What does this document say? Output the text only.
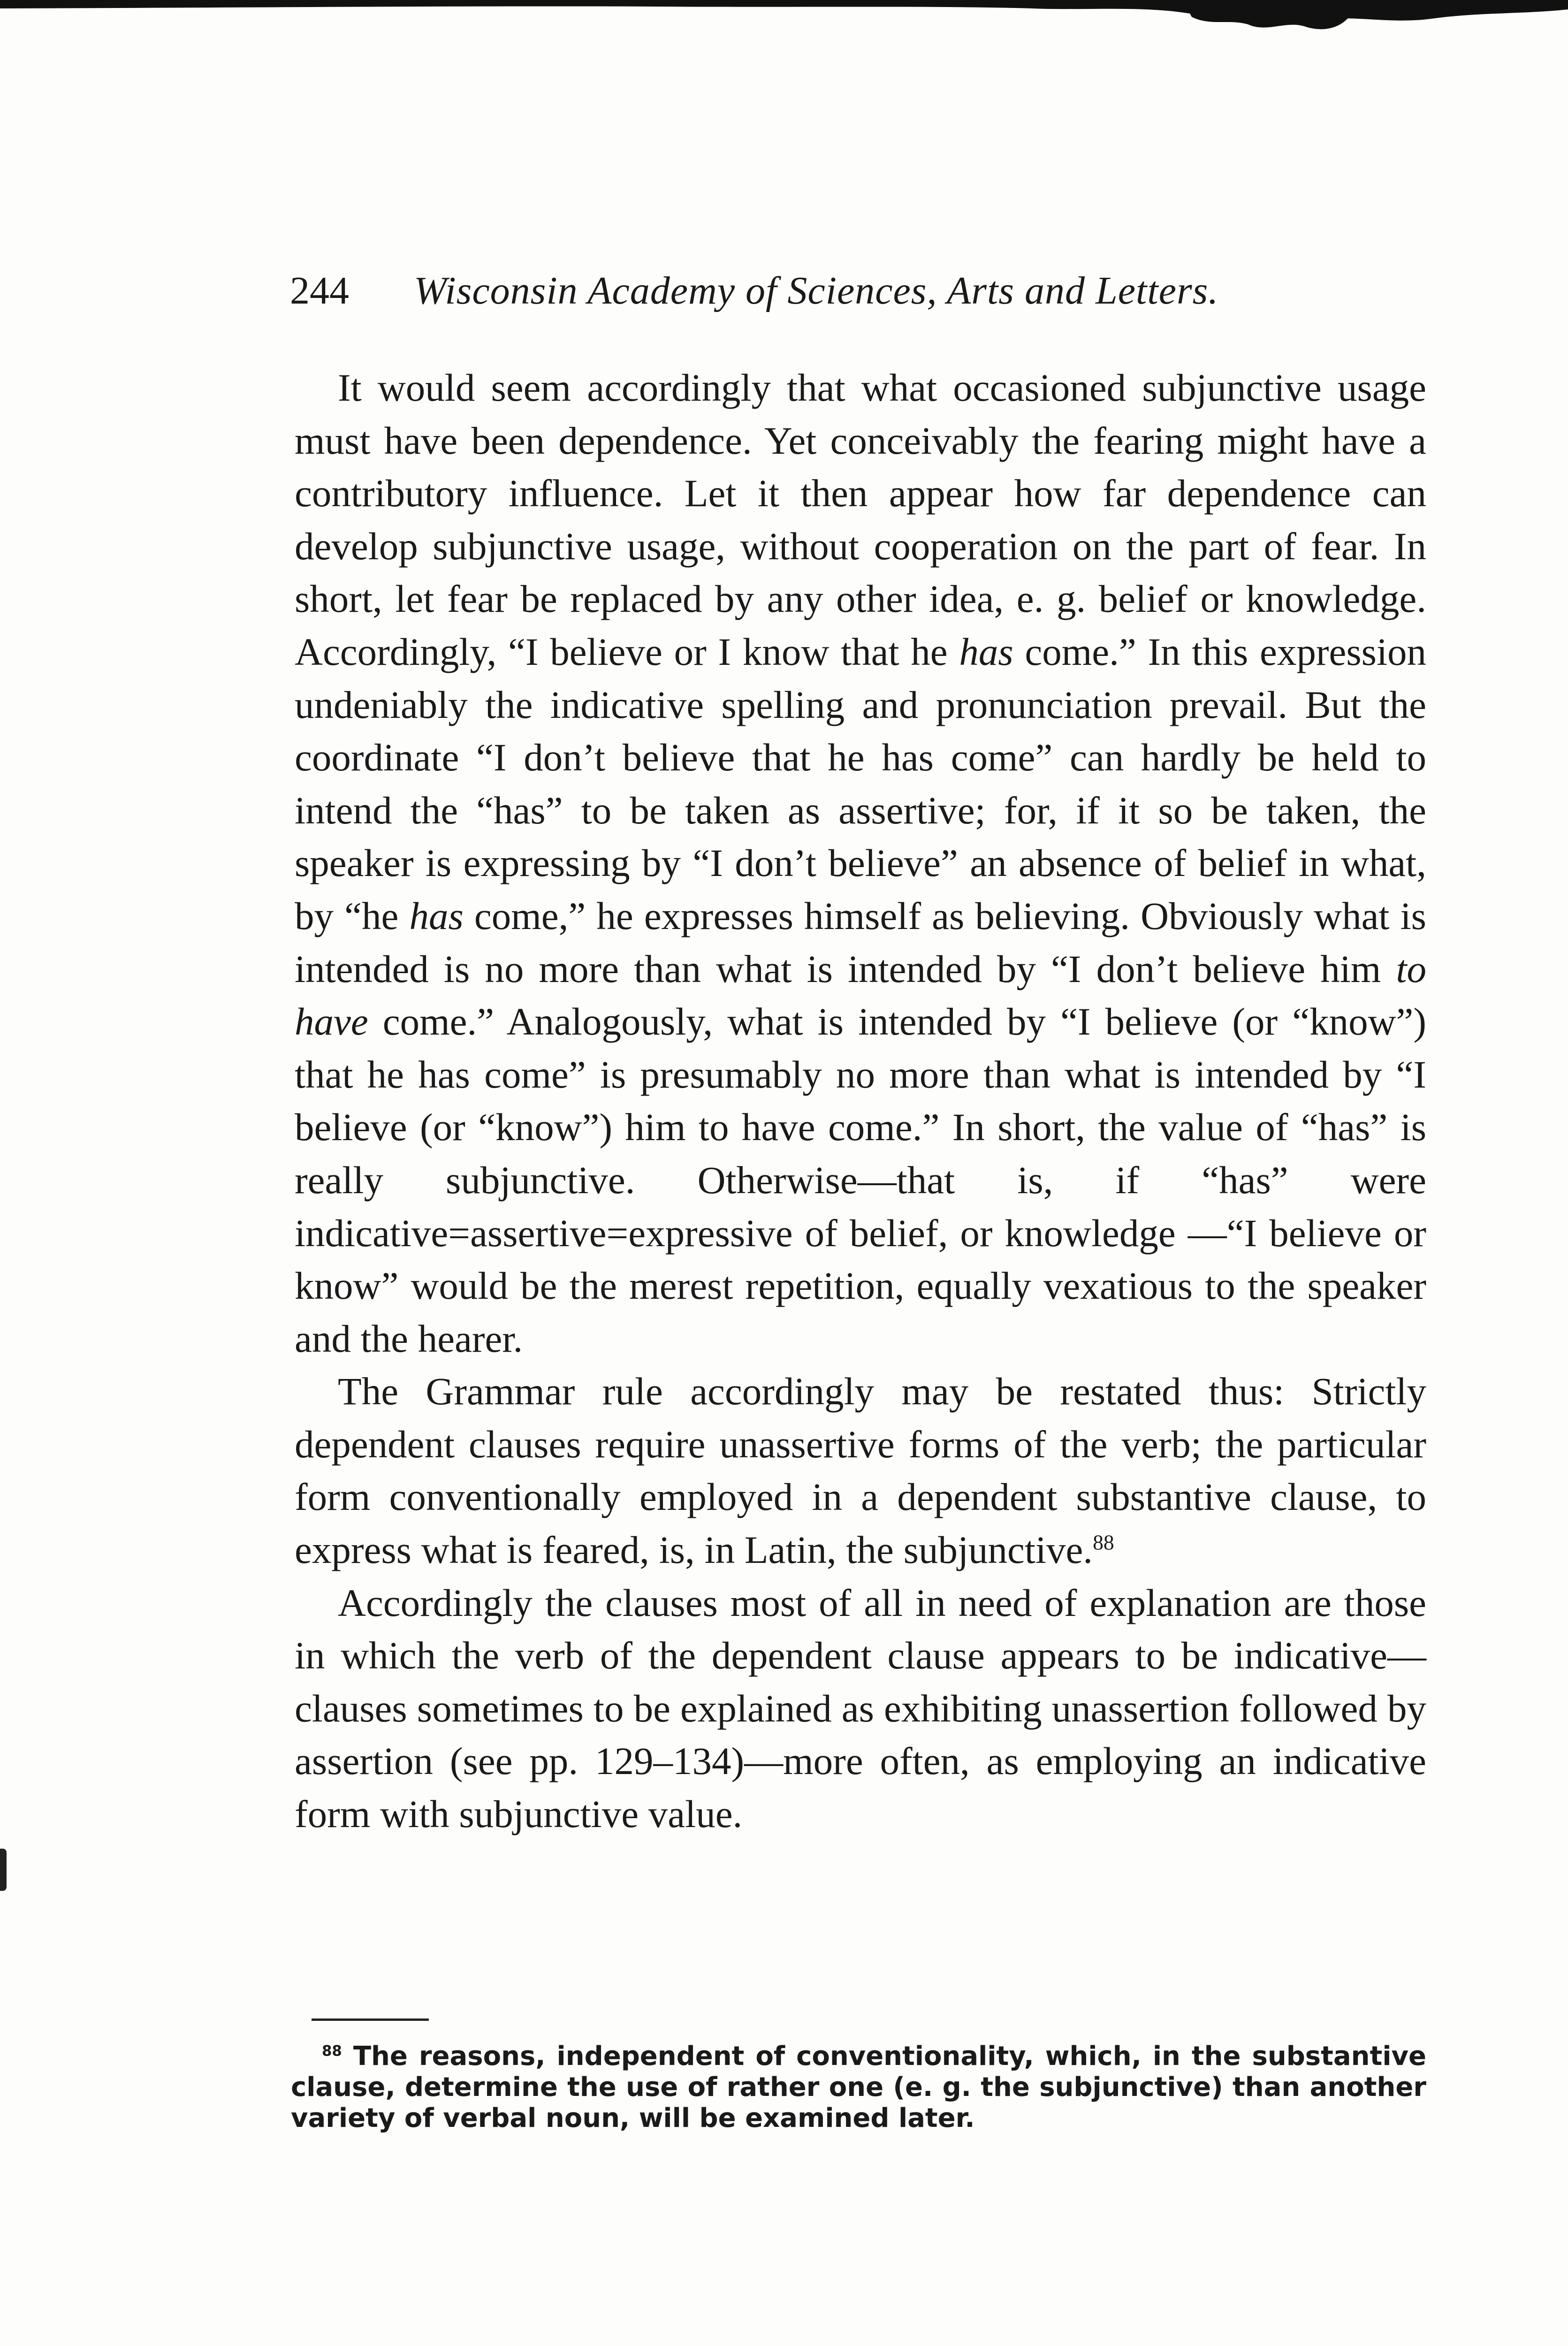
244 Wisconsin Academy of Sciences, Arts and Letters.

It would seem accordingly that what occasioned subjunctive usage must have been dependence. Yet conceivably the fearing might have a contributory influence. Let it then appear how far dependence can develop subjunctive usage, without cooperation on the part of fear. In short, let fear be replaced by any other idea, e. g. belief or knowledge. Accordingly, “I believe or I know that he has come.” In this expression undeniably the indicative spelling and pronunciation prevail. But the coordinate “I don’t believe that he has come” can hardly be held to intend the “has” to be taken as assertive; for, if it so be taken, the speaker is expressing by “I don’t believe” an absence of belief in what, by “he has come,” he expresses himself as believing. Obviously what is intended is no more than what is intended by “I don’t believe him to have come.” Analogously, what is intended by “I believe (or “know”) that he has come” is presumably no more than what is intended by “I believe (or “know”) him to have come.” In short, the value of “has” is really subjunctive. Otherwise—that is, if “has” were indicative=assertive=expressive of belief, or knowledge —“I believe or know” would be the merest repetition, equally vexatious to the speaker and the hearer.

The Grammar rule accordingly may be restated thus: Strictly dependent clauses require unassertive forms of the verb; the particular form conventionally employed in a dependent substantive clause, to express what is feared, is, in Latin, the subjunctive.$^{88}$

Accordingly the clauses most of all in need of explanation are those in which the verb of the dependent clause appears to be indicative—clauses sometimes to be explained as exhibiting unassertion followed by assertion (see pp. 129–134)—more often, as employing an indicative form with subjunctive value.

$^{88}$ The reasons, independent of conventionality, which, in the substantive clause, determine the use of rather one (e. g. the subjunctive) than another variety of verbal noun, will be examined later.
